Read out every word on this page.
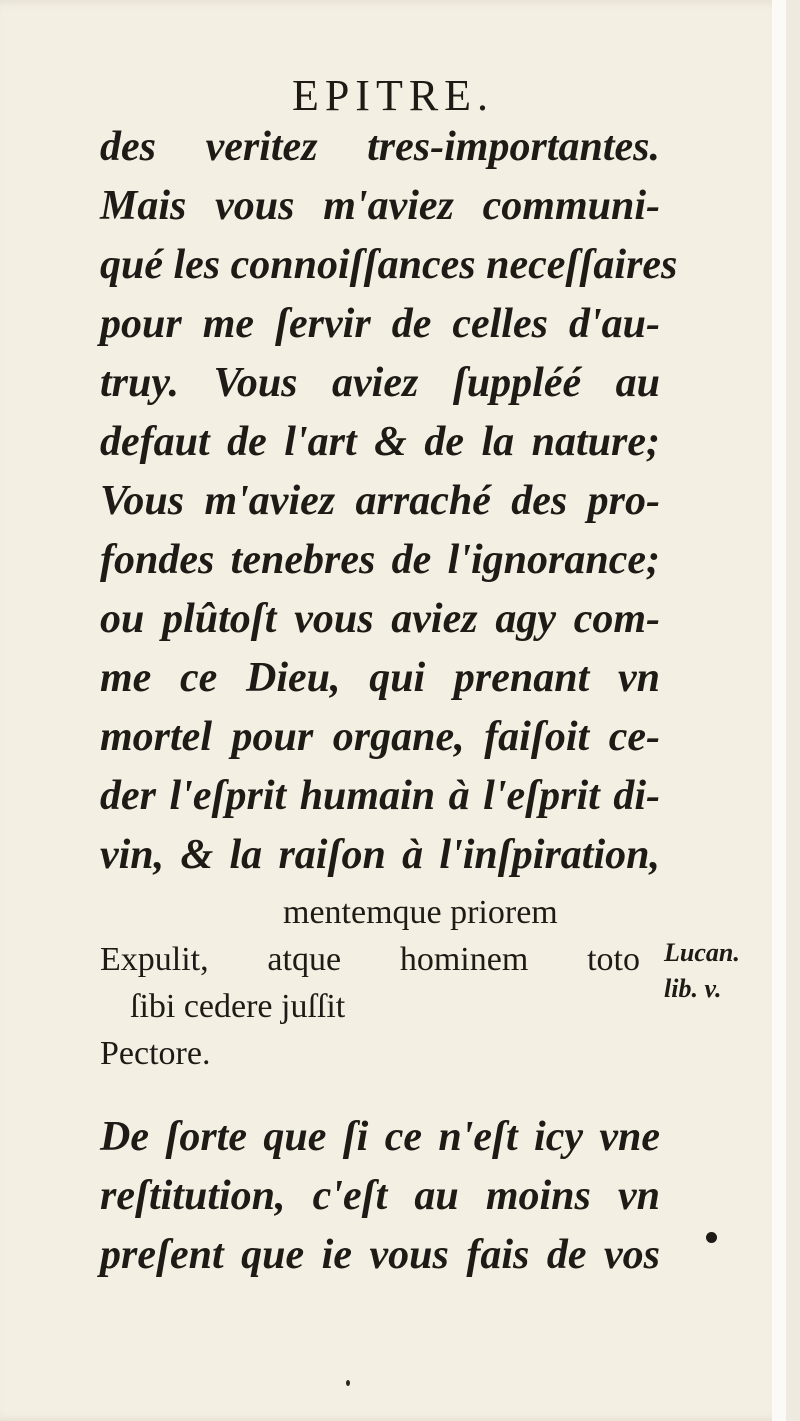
EPITRE.
des veritez tres-importantes.
Mais vous m'aviez communi-
qué les connoiſſances neceſſaires
pour me ſervir de celles d'au-
truy. Vous aviez ſuppléé au
defaut de l'art & de la nature;
Vous m'aviez arraché des pro-
fondes tenebres de l'ignorance;
ou plûtoſt vous aviez agy com-
me ce Dieu, qui prenant vn
mortel pour organe, faiſoit ce-
der l'eſprit humain à l'eſprit di-
vin, & la raiſon à l'inſpiration,
mentemque priorem
Expulit, atque hominem toto
ſibi cedere juſſit
Pectore.
Lucan.
lib. v.
De ſorte que ſi ce n'eſt icy vne
reſtitution, c'eſt au moins vn
preſent que ie vous fais de vos
